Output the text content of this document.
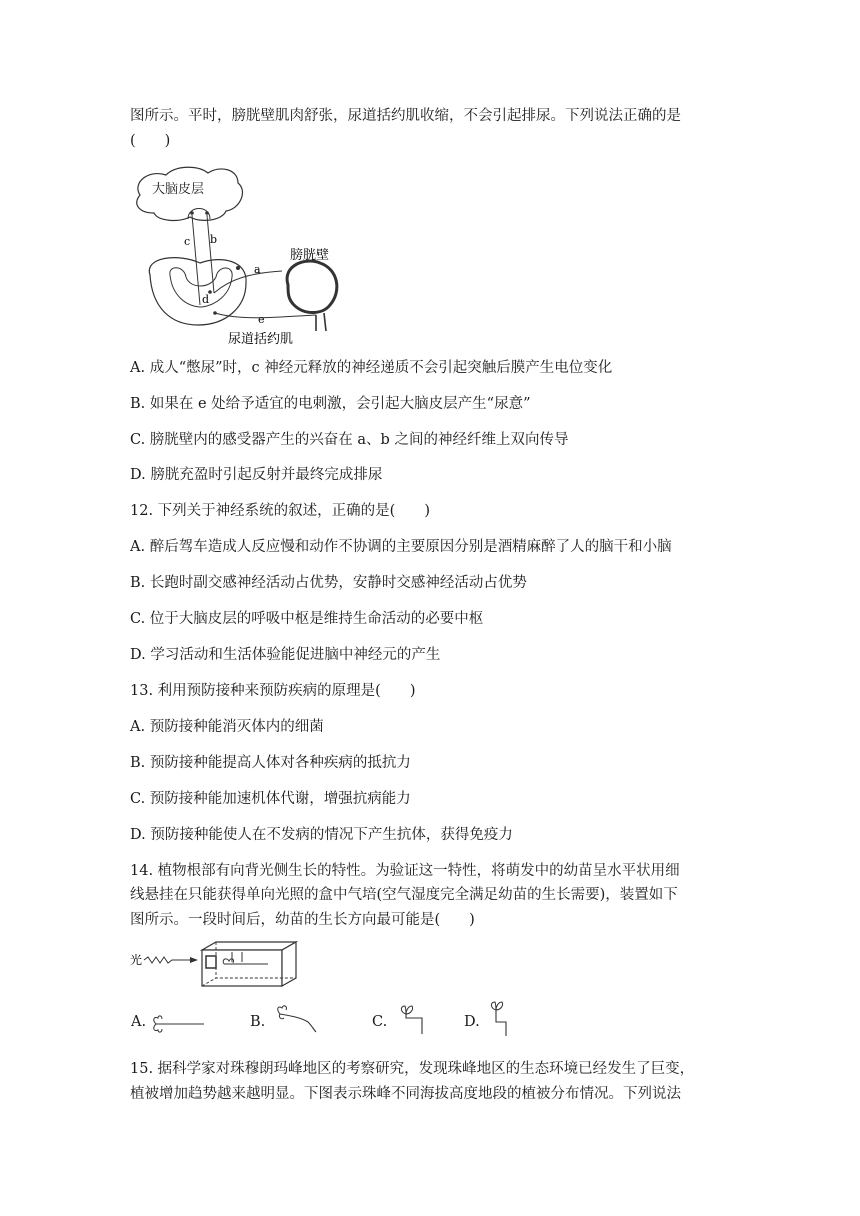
图所示。平时，膀胱壁肌肉舒张，尿道括约肌收缩，不会引起排尿。下列说法正确的是
(　　)
大脑皮层
c b
d
a
e
膀胱壁
尿道括约肌
A. 成人“憋尿”时，c 神经元释放的神经递质不会引起突触后膜产生电位变化
B. 如果在 e 处给予适宜的电刺激，会引起大脑皮层产生“尿意”
C. 膀胱壁内的感受器产生的兴奋在 a、b 之间的神经纤维上双向传导
D. 膀胱充盈时引起反射并最终完成排尿
12. 下列关于神经系统的叙述，正确的是(　　)
A. 醉后驾车造成人反应慢和动作不协调的主要原因分别是酒精麻醉了人的脑干和小脑
B. 长跑时副交感神经活动占优势，安静时交感神经活动占优势
C. 位于大脑皮层的呼吸中枢是维持生命活动的必要中枢
D. 学习活动和生活体验能促进脑中神经元的产生
13. 利用预防接种来预防疾病的原理是(　　)
A. 预防接种能消灭体内的细菌
B. 预防接种能提高人体对各种疾病的抵抗力
C. 预防接种能加速机体代谢，增强抗病能力
D. 预防接种能使人在不发病的情况下产生抗体，获得免疫力
14. 植物根部有向背光侧生长的特性。为验证这一特性，将萌发中的幼苗呈水平状用细
线悬挂在只能获得单向光照的盒中气培(空气湿度完全满足幼苗的生长需要)，装置如下
图所示。一段时间后，幼苗的生长方向最可能是(　　)
光
A.	B.	C.	D.
15. 据科学家对珠穆朗玛峰地区的考察研究，发现珠峰地区的生态环境已经发生了巨变，
植被增加趋势越来越明显。下图表示珠峰不同海拔高度地段的植被分布情况。下列说法
